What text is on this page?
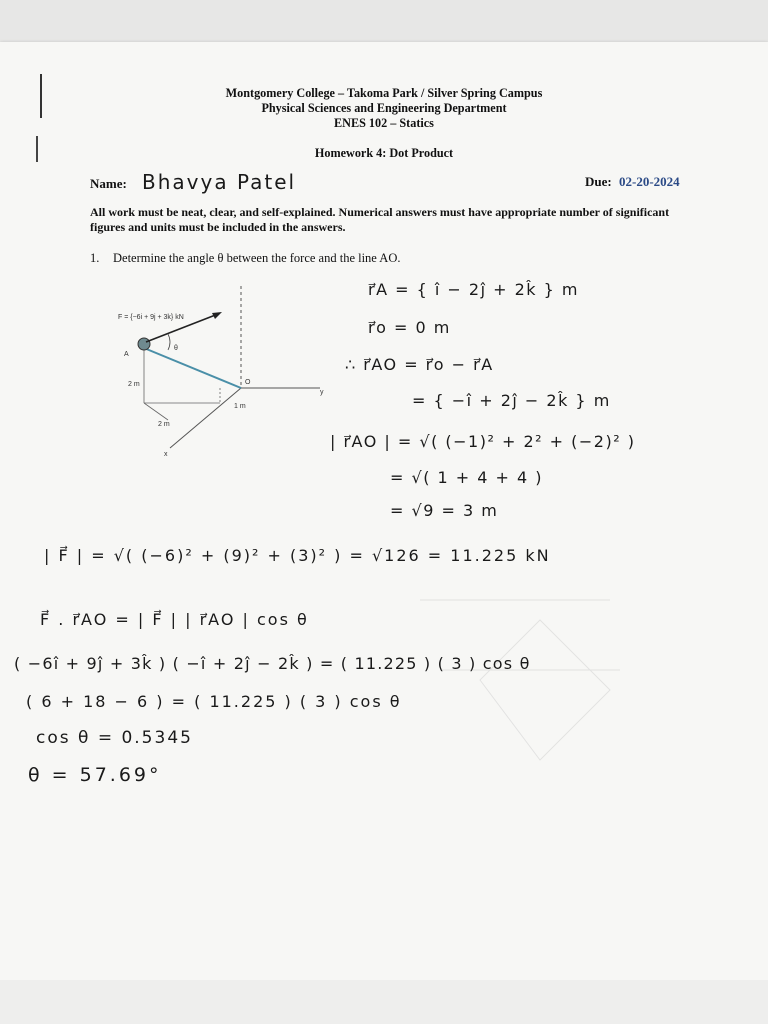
Montgomery College – Takoma Park / Silver Spring Campus
Physical Sciences and Engineering Department
ENES 102 – Statics
Homework 4: Dot Product
Name: Bhavya Patel	Due: 02-20-2024
All work must be neat, clear, and self-explained. Numerical answers must have appropriate number of significant figures and units must be included in the answers.
1. Determine the angle θ between the force and the line AO.
F = {−6i + 9j + 3k} kN
A
O
θ
y
x
2 m
2 m
1 m
r⃗A = { î − 2ĵ + 2k̂ } m
r⃗o = 0 m
∴ r⃗AO = r⃗o − r⃗A
= { −î + 2ĵ − 2k̂ } m
| r⃗AO | = √( (−1)² + 2² + (−2)² )
= √( 1 + 4 + 4 )
= √9 = 3 m
| F⃗ | = √( (−6)² + (9)² + (3)² ) = √126 = 11.225 kN
F⃗ . r⃗AO = | F⃗ | | r⃗AO | cos θ
( −6î + 9ĵ + 3k̂ ) ( −î + 2ĵ − 2k̂ ) = ( 11.225 ) ( 3 ) cos θ
( 6 + 18 − 6 ) = ( 11.225 ) ( 3 ) cos θ
cos θ = 0.5345
θ = 57.69°
